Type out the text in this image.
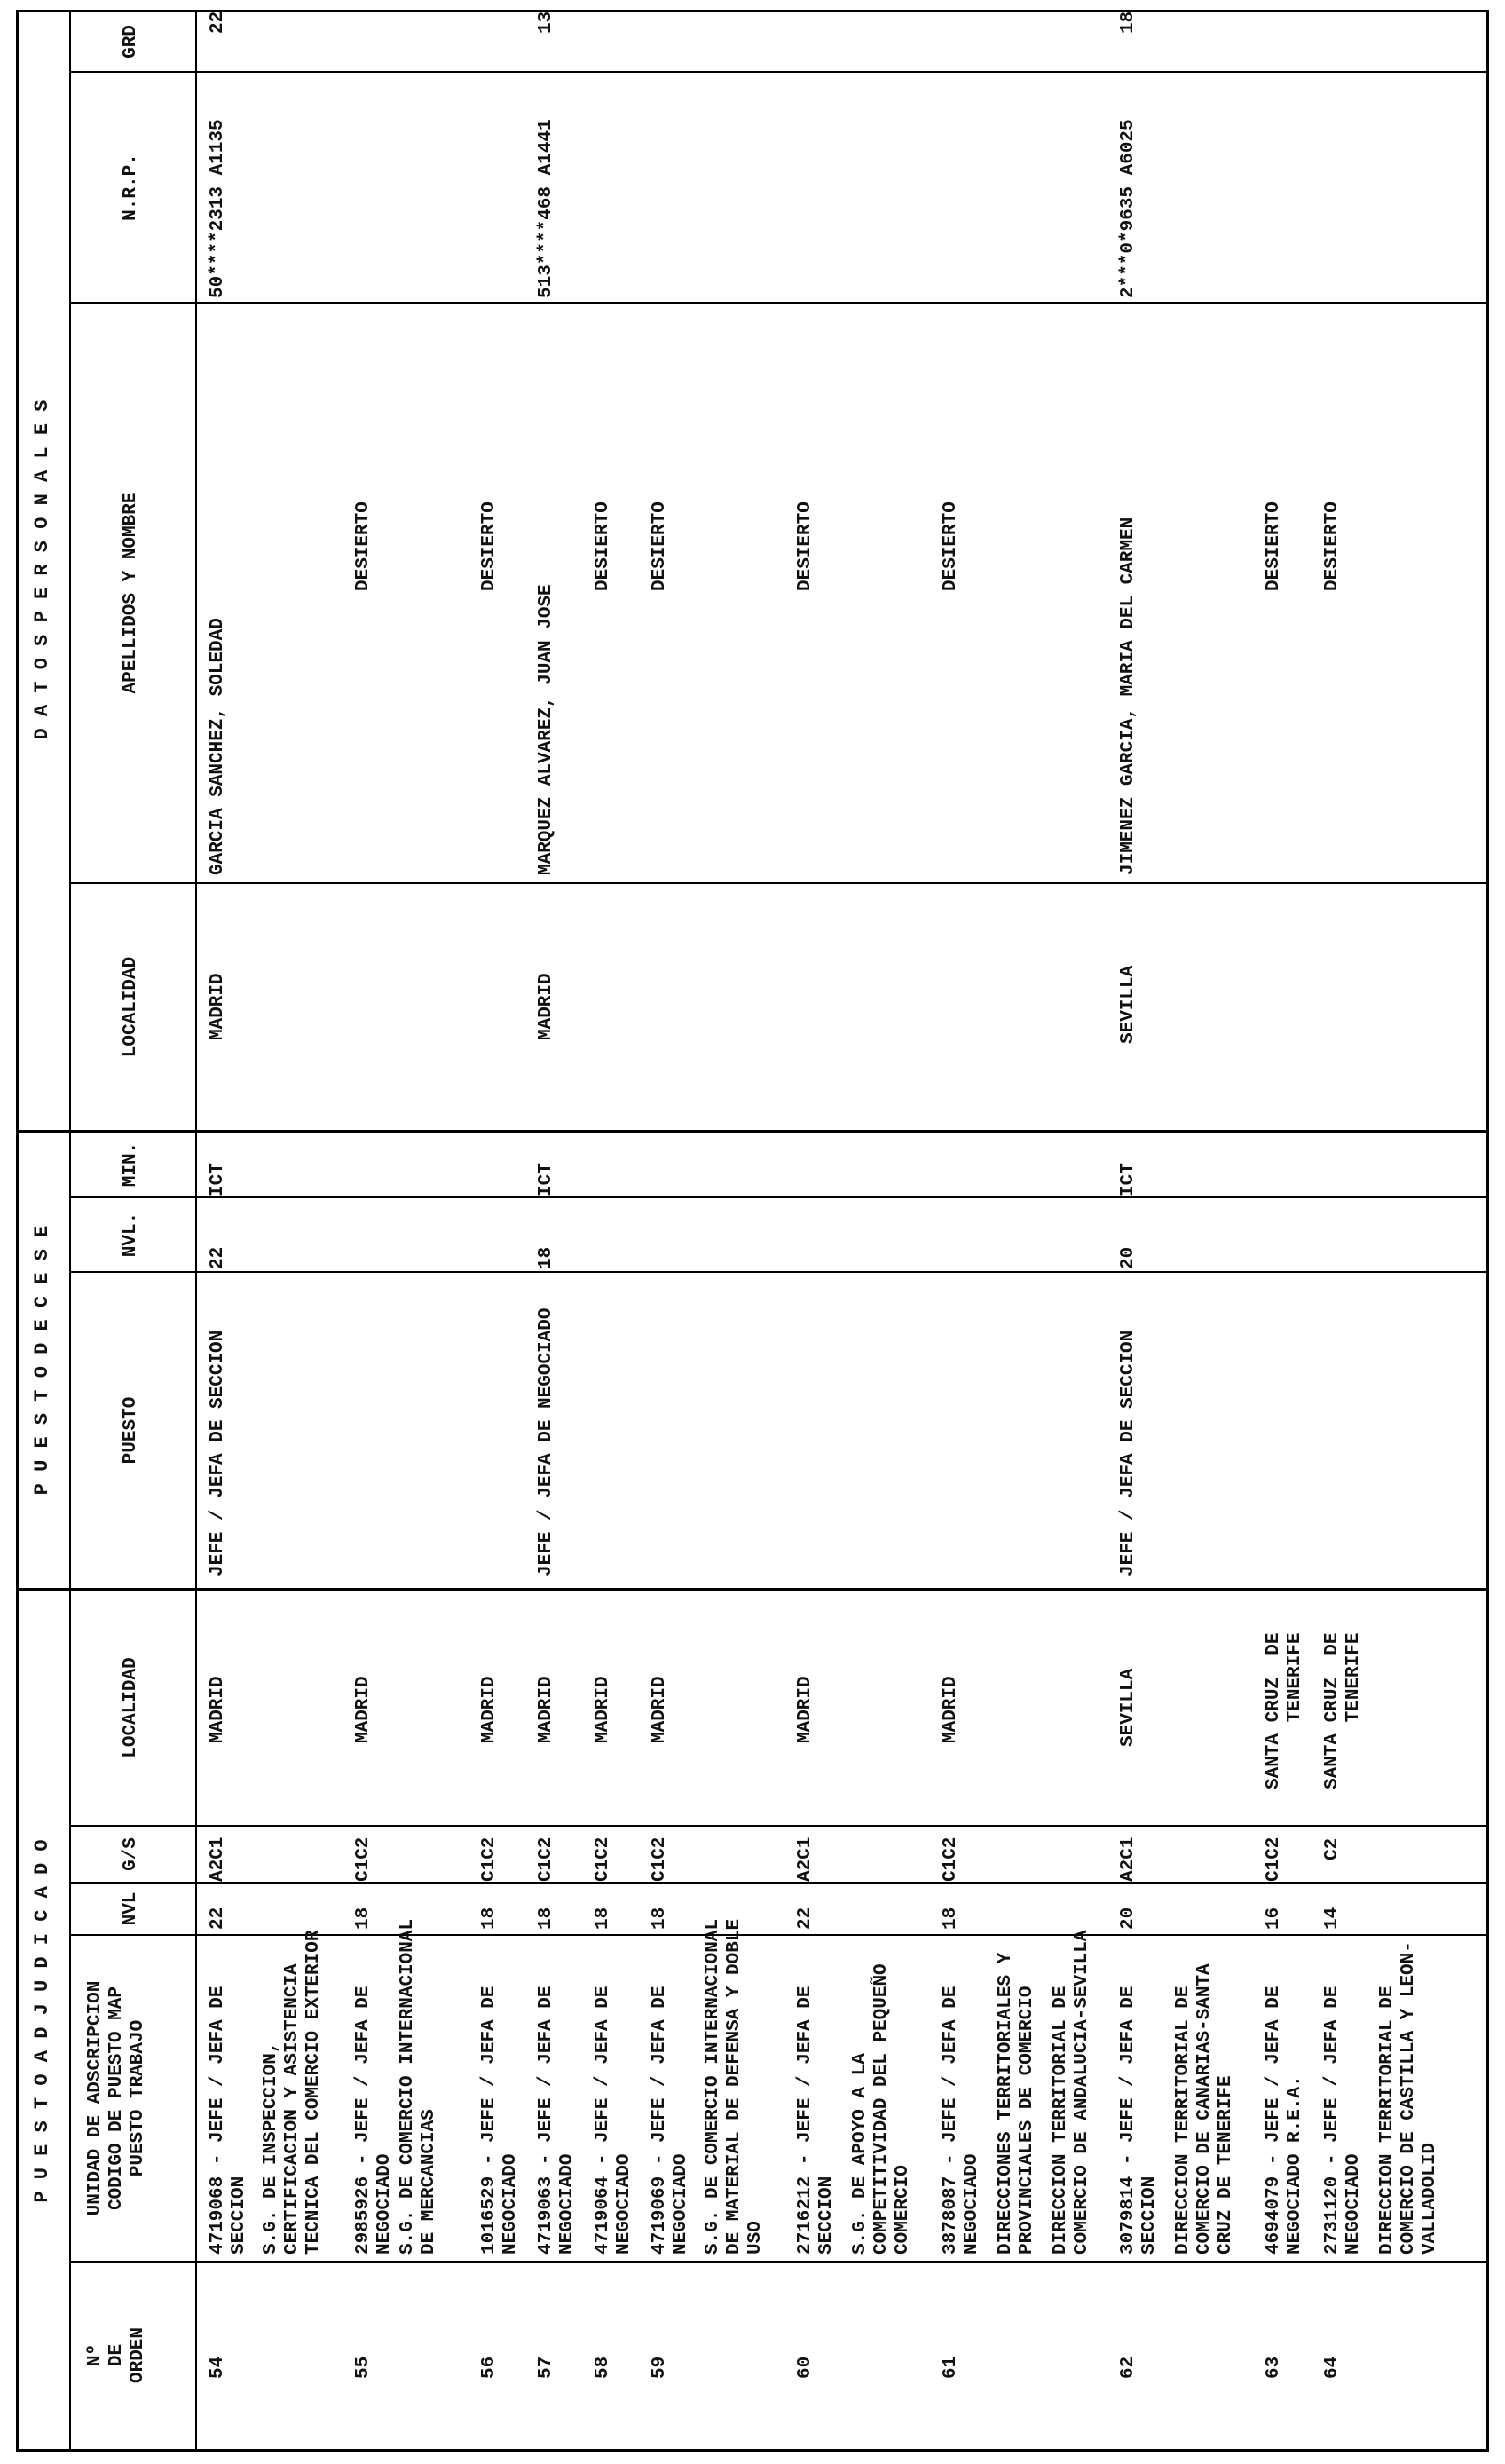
P U E S T O A D J U D I C A D O
P U E S T O D E C E S E
D A T O S P E R S O N A L E S
Nº
DE
ORDEN
UNIDAD DE ADSCRIPCION
CODIGO DE PUESTO MAP
PUESTO TRABAJO
NVL
G/S
LOCALIDAD
PUESTO
NVL.
MIN.
LOCALIDAD
APELLIDOS Y NOMBRE
N.R.P.
GRD
S.G. DE INSPECCION,
CERTIFICACION Y ASISTENCIA
TECNICA DEL COMERCIO EXTERIOR
S.G. DE COMERCIO INTERNACIONAL
DE MERCANCIAS
S.G. DE COMERCIO INTERNACIONAL
DE MATERIAL DE DEFENSA Y DOBLE
USO	S.G. DE APOYO A LA
COMPETITIVIDAD DEL PEQUEÑO
COMERCIO	DIRECCIONES TERRITORIALES Y
PROVINCIALES DE COMERCIO
DIRECCION TERRITORIAL DE
COMERCIO DE ANDALUCIA-SEVILLA
DIRECCION TERRITORIAL DE
COMERCIO DE CANARIAS-SANTA
CRUZ DE TENERIFE
DIRECCION TERRITORIAL DE
COMERCIO DE CASTILLA Y LEON-
VALLADOLID
54
4719068 - JEFE / JEFA DE
SECCION
22
A2C1
MADRID
JEFE / JEFA DE SECCION
22
ICT
MADRID
GARCIA SANCHEZ, SOLEDAD
50****2313 A1135
22
55
2985926 - JEFE / JEFA DE
NEGOCIADO
18
C1C2
MADRID
DESIERTO
56
1016529 - JEFE / JEFA DE
NEGOCIADO
18
C1C2
MADRID
DESIERTO
57
4719063 - JEFE / JEFA DE
NEGOCIADO
18
C1C2
MADRID
JEFE / JEFA DE NEGOCIADO
18
ICT
MADRID
MARQUEZ ALVAREZ, JUAN JOSE
513****468 A1441
13
58
4719064 - JEFE / JEFA DE
NEGOCIADO
18
C1C2
MADRID
DESIERTO
59
4719069 - JEFE / JEFA DE
NEGOCIADO
18
C1C2
MADRID
DESIERTO
60
2716212 - JEFE / JEFA DE
SECCION
22
A2C1
MADRID
DESIERTO
61
3878087 - JEFE / JEFA DE
NEGOCIADO
18
C1C2
MADRID
DESIERTO
62
3079814 - JEFE / JEFA DE
SECCION
20
A2C1
SEVILLA
JEFE / JEFA DE SECCION
20
ICT
SEVILLA
JIMENEZ GARCIA, MARIA DEL CARMEN
2***0*9635 A6025
18
63
4694079 - JEFE / JEFA DE
NEGOCIADO R.E.A.
16
C1C2
SANTA CRUZ  DE
TENERIFE
DESIERTO
64
2731120 - JEFE / JEFA DE
NEGOCIADO
14
C2
SANTA CRUZ  DE
TENERIFE
DESIERTO
